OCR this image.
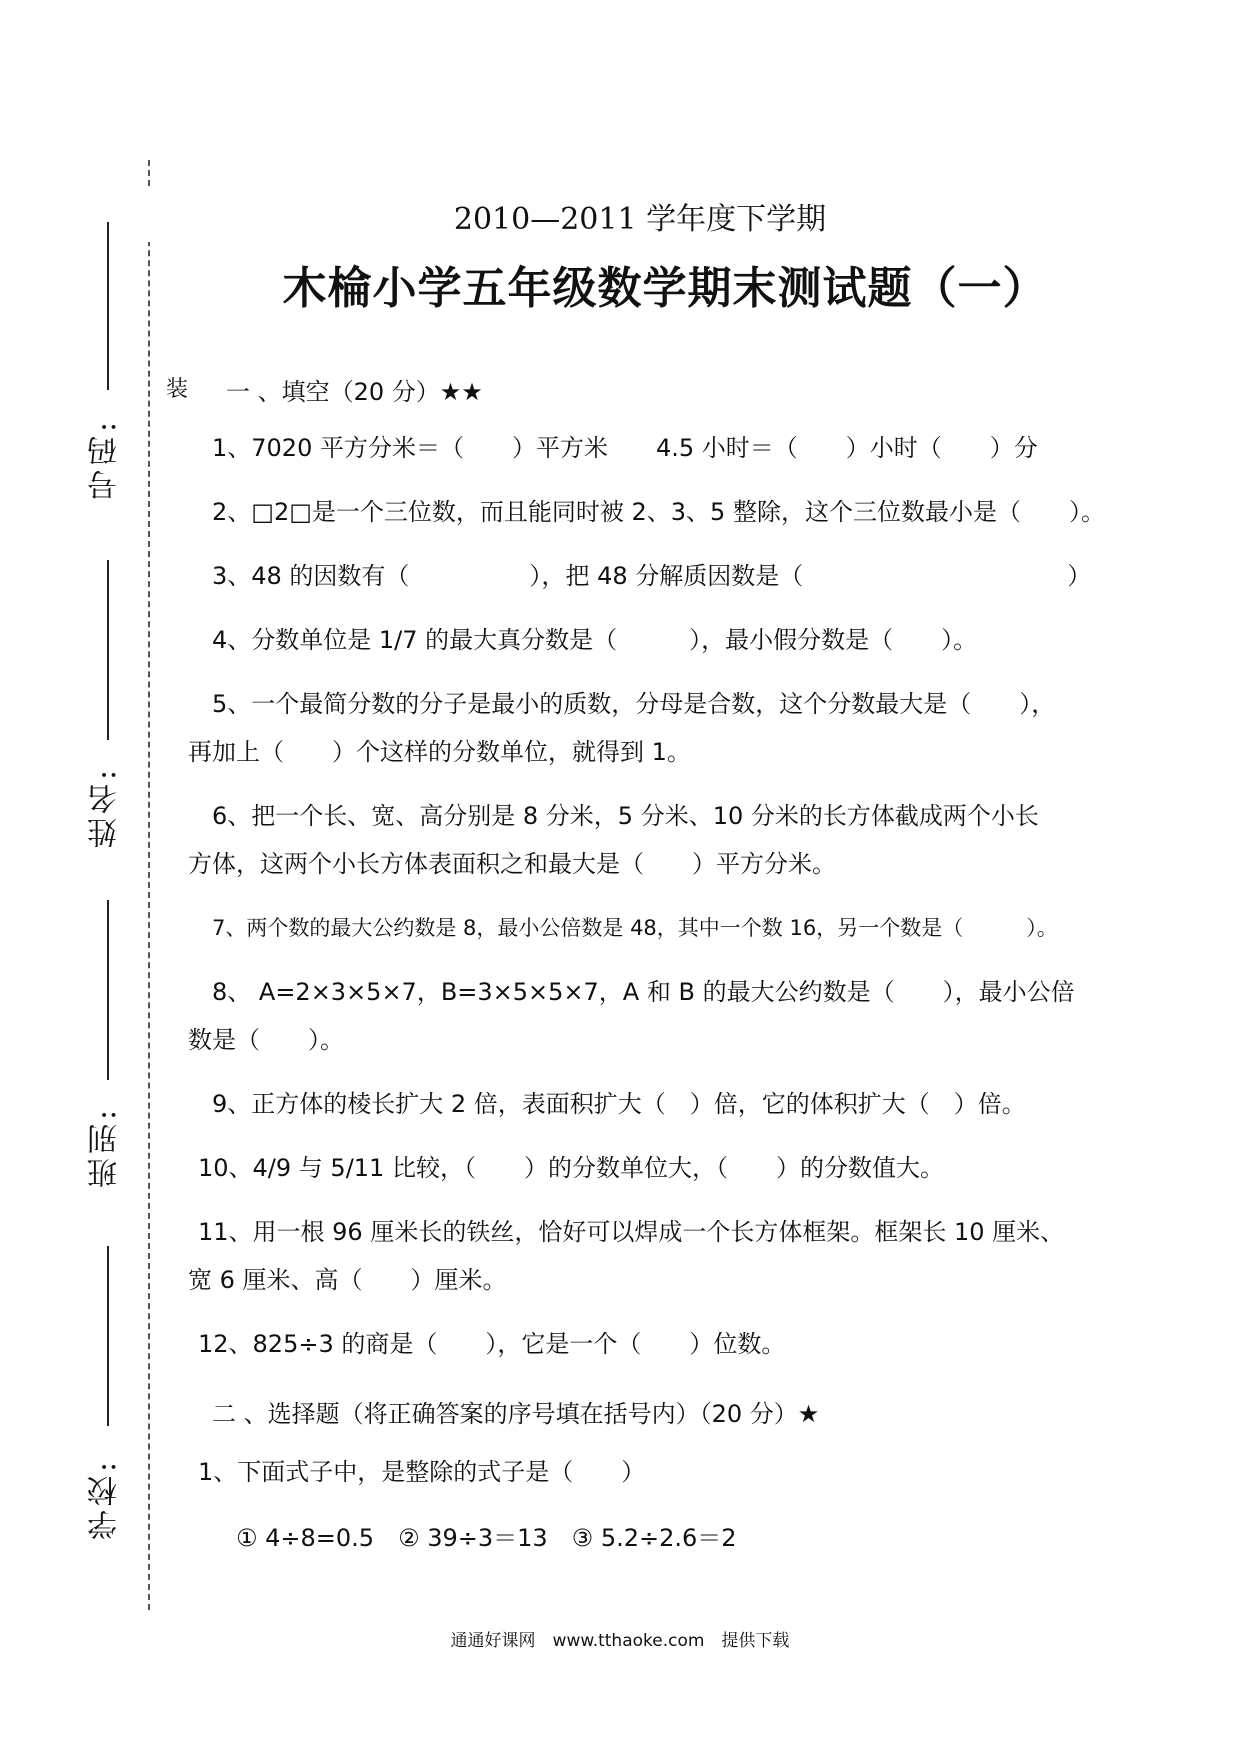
号码:
姓名:
班别:
学校:
装
2010—2011 学年度下学期
木棆小学五年级数学期末测试题（一）
一 、填空（20 分）★★
1、7020 平方分米＝（　　）平方米　　4.5 小时＝（　　）小时（　　）分
2、□2□是一个三位数，而且能同时被 2、3、5 整除，这个三位数最小是（　　）。
3、48 的因数有（　　　　　），把 48 分解质因数是（　　　　　　　　　　　）
4、分数单位是 1/7 的最大真分数是（　　　），最小假分数是（　　）。
5、一个最简分数的分子是最小的质数，分母是合数，这个分数最大是（　　），
再加上（　　）个这样的分数单位，就得到 1。
6、把一个长、宽、高分别是 8 分米，5 分米、10 分米的长方体截成两个小长
方体，这两个小长方体表面积之和最大是（　　）平方分米。
7、两个数的最大公约数是 8，最小公倍数是 48，其中一个数 16，另一个数是（　　　）。
8、 A=2×3×5×7，B=3×5×5×7，A 和 B 的最大公约数是（　　），最小公倍
数是（　　）。
9、正方体的棱长扩大 2 倍，表面积扩大（　）倍，它的体积扩大（　）倍。
10、4/9 与 5/11 比较，（　　）的分数单位大，（　　）的分数值大。
11、用一根 96 厘米长的铁丝，恰好可以焊成一个长方体框架。框架长 10 厘米、
宽 6 厘米、高（　　）厘米。
12、825÷3 的商是（　　），它是一个（　　）位数。
二 、选择题（将正确答案的序号填在括号内）（20 分）★
1、下面式子中，是整除的式子是（　　）
① 4÷8=0.5　② 39÷3＝13　③ 5.2÷2.6＝2
通通好课网　www.tthaoke.com　提供下载
